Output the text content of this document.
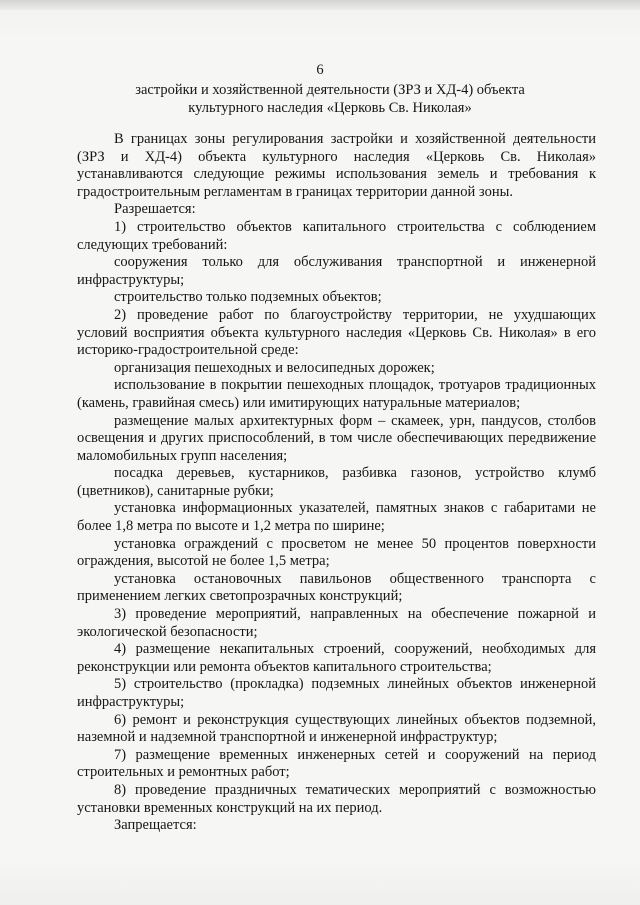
6
застройки и хозяйственной деятельности (ЗРЗ и ХД-4) объекта
культурного наследия «Церковь Св. Николая»

В границах зоны регулирования застройки и хозяйственной деятельности (ЗРЗ и ХД-4) объекта культурного наследия «Церковь Св. Николая» устанавливаются следующие режимы использования земель и требования к градостроительным регламентам в границах территории данной зоны.

Разрешается:

1) строительство объектов капитального строительства с соблюдением следующих требований:

сооружения только для обслуживания транспортной и инженерной инфраструктуры;

строительство только подземных объектов;

2) проведение работ по благоустройству территории, не ухудшающих условий восприятия объекта культурного наследия «Церковь Св. Николая» в его историко-градостроительной среде:

организация пешеходных и велосипедных дорожек;

использование в покрытии пешеходных площадок, тротуаров традиционных (камень, гравийная смесь) или имитирующих натуральные материалов;

размещение малых архитектурных форм – скамеек, урн, пандусов, столбов освещения и других приспособлений, в том числе обеспечивающих передвижение маломобильных групп населения;

посадка деревьев, кустарников, разбивка газонов, устройство клумб (цветников), санитарные рубки;

установка информационных указателей, памятных знаков с габаритами не более 1,8 метра по высоте и 1,2 метра по ширине;

установка ограждений с просветом не менее 50 процентов поверхности ограждения, высотой не более 1,5 метра;

установка остановочных павильонов общественного транспорта с применением легких светопрозрачных конструкций;

3) проведение мероприятий, направленных на обеспечение пожарной и экологической безопасности;

4) размещение некапитальных строений, сооружений, необходимых для реконструкции или ремонта объектов капитального строительства;

5) строительство (прокладка) подземных линейных объектов инженерной инфраструктуры;

6) ремонт и реконструкция существующих линейных объектов подземной, наземной и надземной транспортной и инженерной инфраструктур;

7) размещение временных инженерных сетей и сооружений на период строительных и ремонтных работ;

8) проведение праздничных тематических мероприятий с возможностью установки временных конструкций на их период.

Запрещается:
